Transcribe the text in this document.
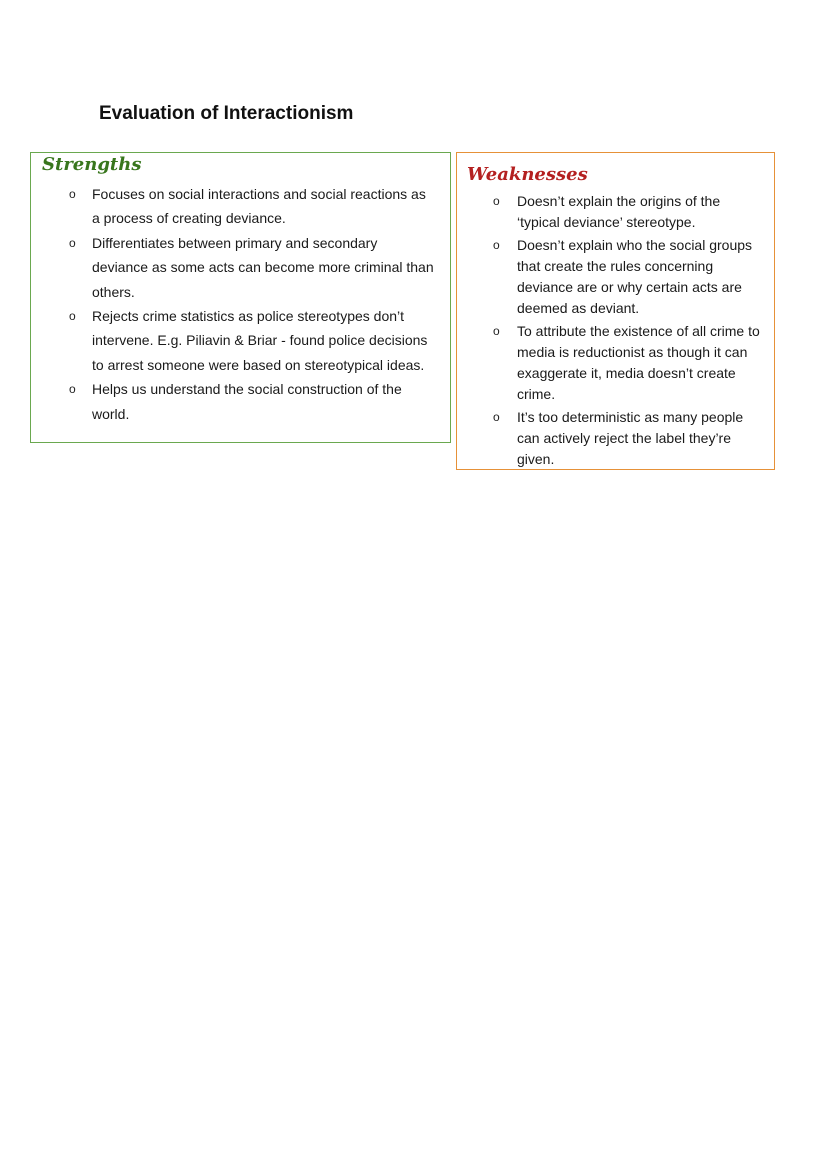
Evaluation of Interactionism
Strengths
o Focuses on social interactions and social reactions as a process of creating deviance.
o Differentiates between primary and secondary deviance as some acts can become more criminal than others.
o Rejects crime statistics as police stereotypes don’t intervene. E.g. Piliavin & Briar - found police decisions to arrest someone were based on stereotypical ideas.
o Helps us understand the social construction of the world.
Weaknesses
o Doesn’t explain the origins of the ‘typical deviance’ stereotype.
o Doesn’t explain who the social groups that create the rules concerning deviance are or why certain acts are deemed as deviant.
o To attribute the existence of all crime to media is reductionist as though it can exaggerate it, media doesn’t create crime.
o It’s too deterministic as many people can actively reject the label they’re given.
